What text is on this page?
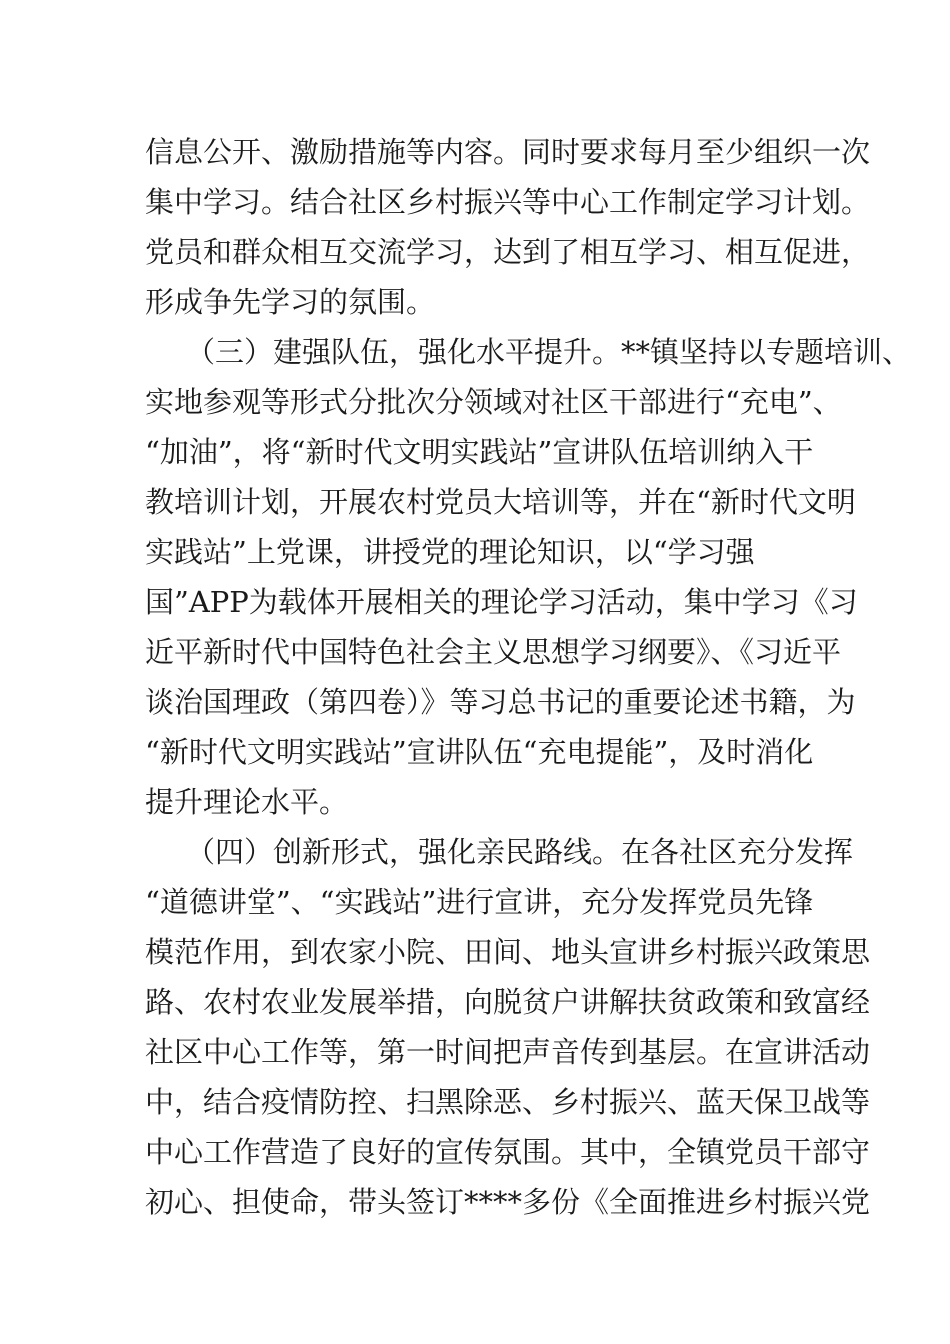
信息公开、激励措施等内容。同时要求每月至少组织一次
集中学习。结合社区乡村振兴等中心工作制定学习计划。
党员和群众相互交流学习，达到了相互学习、相互促进，
形成争先学习的氛围。
（三）建强队伍，强化水平提升。**镇坚持以专题培训、
实地参观等形式分批次分领域对社区干部进行“充电”、
“加油”，将“新时代文明实践站”宣讲队伍培训纳入干
教培训计划，开展农村党员大培训等，并在“新时代文明
实践站”上党课，讲授党的理论知识，以“学习强
国”APP为载体开展相关的理论学习活动，集中学习《习
近平新时代中国特色社会主义思想学习纲要》、《习近平
谈治国理政（第四卷）》等习总书记的重要论述书籍，为
“新时代文明实践站”宣讲队伍“充电提能”，及时消化
提升理论水平。
（四）创新形式，强化亲民路线。在各社区充分发挥
“道德讲堂”、“实践站”进行宣讲，充分发挥党员先锋
模范作用，到农家小院、田间、地头宣讲乡村振兴政策思
路、农村农业发展举措，向脱贫户讲解扶贫政策和致富经
社区中心工作等，第一时间把声音传到基层。在宣讲活动
中，结合疫情防控、扫黑除恶、乡村振兴、蓝天保卫战等
中心工作营造了良好的宣传氛围。其中，全镇党员干部守
初心、担使命，带头签订****多份《全面推进乡村振兴党
